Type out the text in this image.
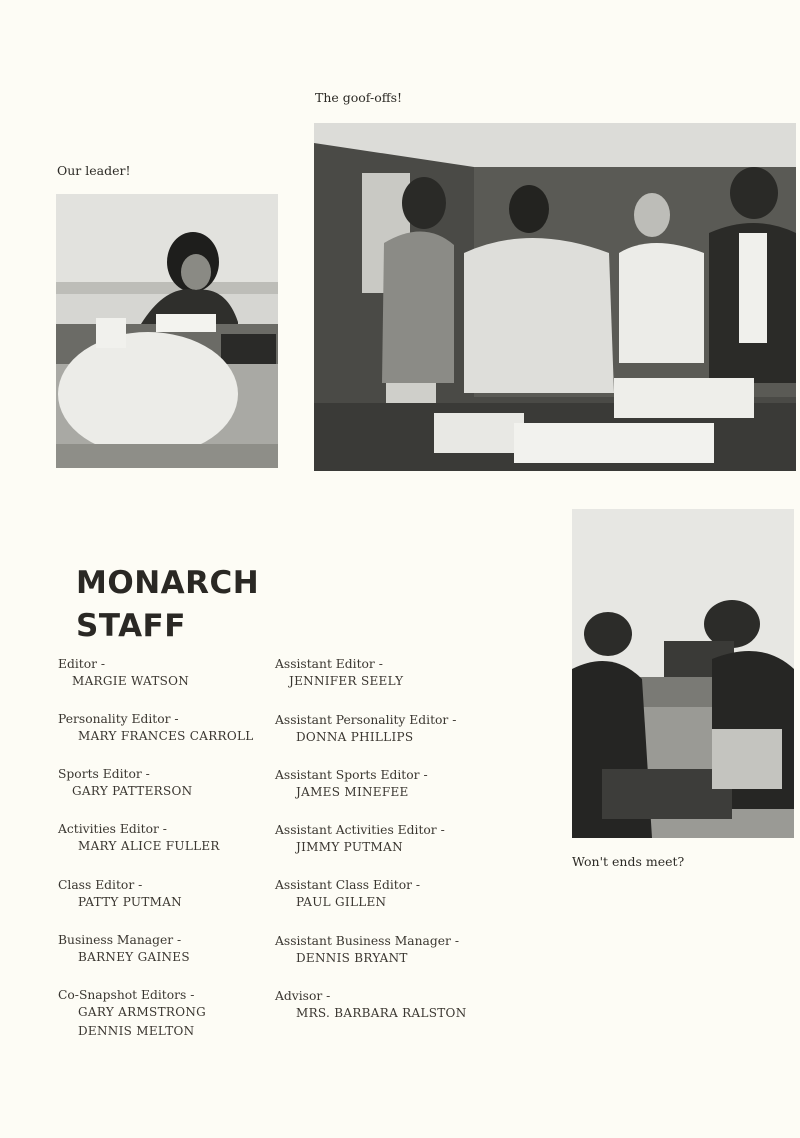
The goof-offs!
Our leader!
Won't ends meet?
MONARCH
STAFF
Editor -
MARGIE WATSON
Personality Editor -
MARY FRANCES CARROLL
Sports Editor -
GARY PATTERSON
Activities Editor -
MARY ALICE FULLER
Class Editor -
PATTY PUTMAN
Business Manager -
BARNEY GAINES
Co-Snapshot Editors -
GARY ARMSTRONG
DENNIS MELTON
Assistant Editor -
JENNIFER SEELY
Assistant Personality Editor -
DONNA PHILLIPS
Assistant Sports Editor -
JAMES MINEFEE
Assistant Activities Editor -
JIMMY PUTMAN
Assistant Class Editor -
PAUL GILLEN
Assistant Business Manager -
DENNIS BRYANT
Advisor -
MRS. BARBARA RALSTON
